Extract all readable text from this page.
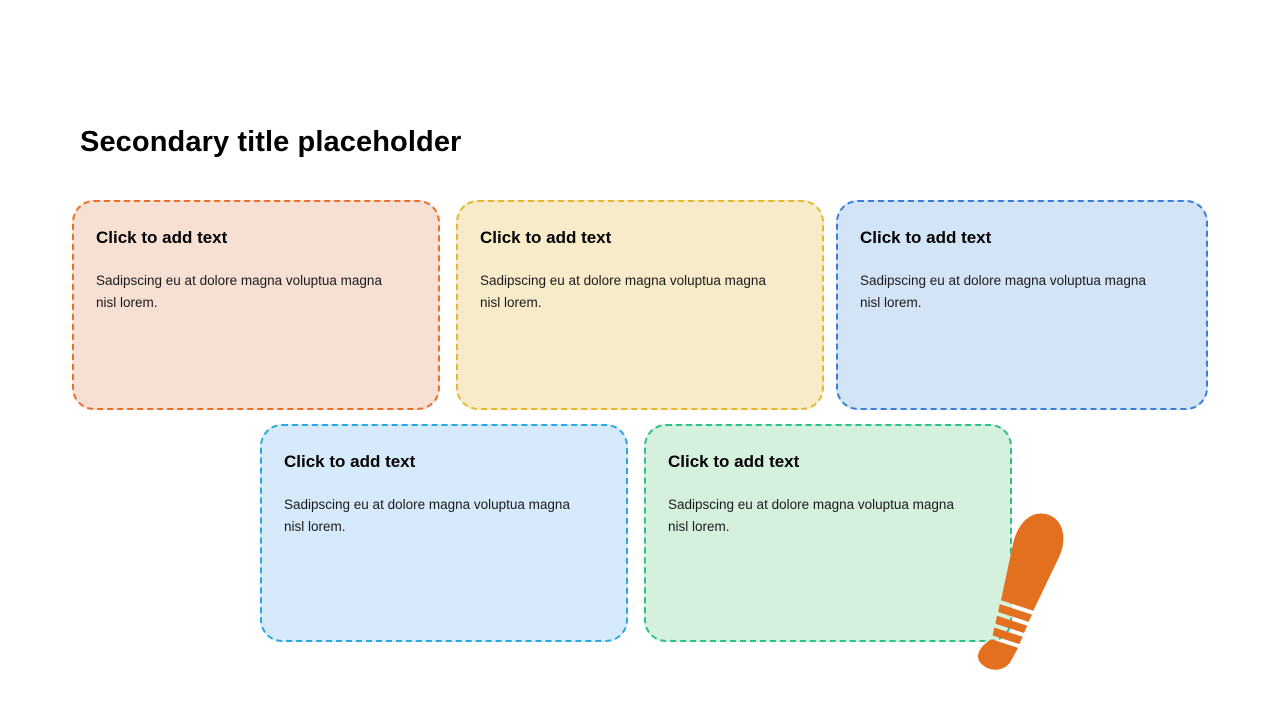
Secondary title placeholder

Click to add text

Sadipscing eu at dolore magna voluptua magna nisl lorem.

Click to add text

Sadipscing eu at dolore magna voluptua magna nisl lorem.

Click to add text

Sadipscing eu at dolore magna voluptua magna nisl lorem.

Click to add text

Sadipscing eu at dolore magna voluptua magna nisl lorem.

Click to add text

Sadipscing eu at dolore magna voluptua magna nisl lorem.
